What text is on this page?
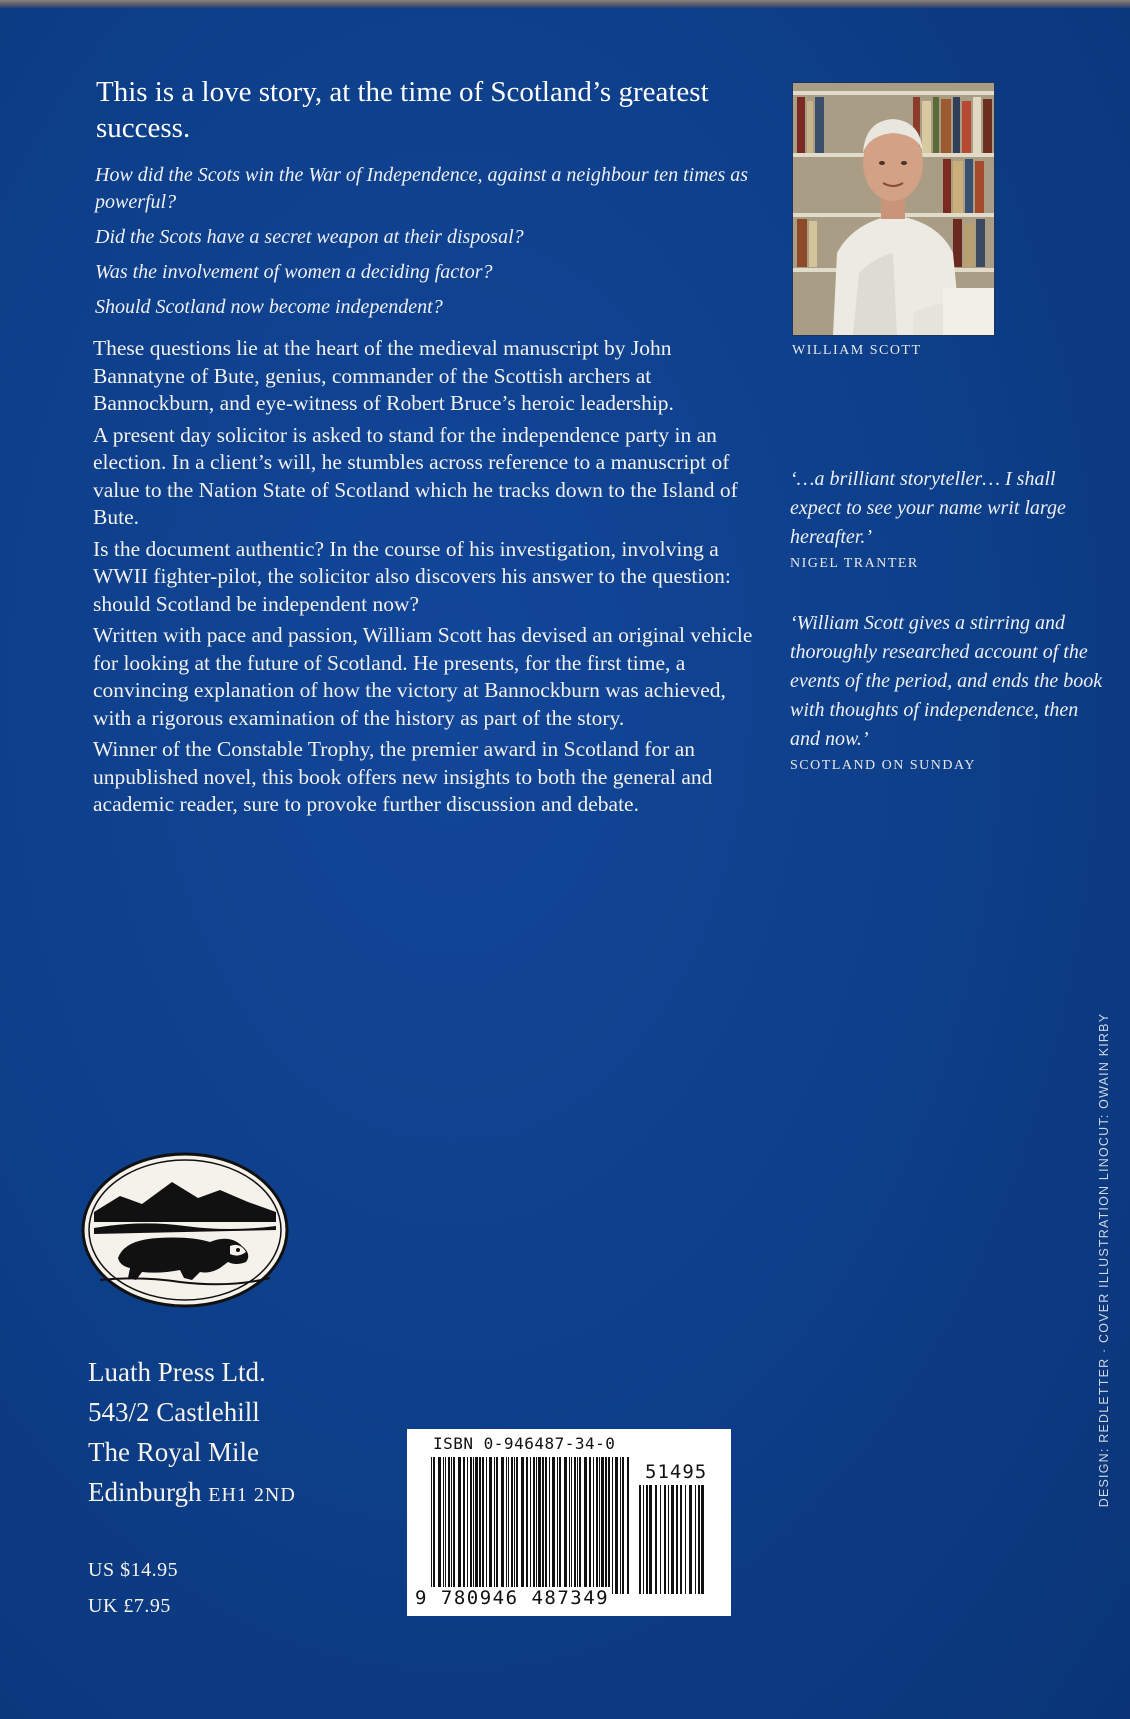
This is a love story, at the time of Scotland’s greatest success.

How did the Scots win the War of Independence, against a neighbour ten times as powerful?

Did the Scots have a secret weapon at their disposal?

Was the involvement of women a deciding factor?

Should Scotland now become independent?

These questions lie at the heart of the medieval manuscript by John Bannatyne of Bute, genius, commander of the Scottish archers at Bannockburn, and eye-witness of Robert Bruce’s heroic leadership.

A present day solicitor is asked to stand for the independence party in an election. In a client’s will, he stumbles across reference to a manuscript of value to the Nation State of Scotland which he tracks down to the Island of Bute.

Is the document authentic? In the course of his investigation, involving a WWII fighter-pilot, the solicitor also discovers his answer to the question: should Scotland be independent now?

Written with pace and passion, William Scott has devised an original vehicle for looking at the future of Scotland. He presents, for the first time, a convincing explanation of how the victory at Bannockburn was achieved, with a rigorous examination of the history as part of the story.

Winner of the Constable Trophy, the premier award in Scotland for an unpublished novel, this book offers new insights to both the general and academic reader, sure to provoke further discussion and debate.

WILLIAM SCOTT

‘…a brilliant storyteller… I shall expect to see your name writ large hereafter.’

NIGEL TRANTER

‘William Scott gives a stirring and thoroughly researched account of the events of the period, and ends the book with thoughts of independence, then and now.’

SCOTLAND ON SUNDAY
Luath Press Ltd.
543/2 Castlehill
The Royal Mile
Edinburgh EH1 2ND
US $14.95
UK £7.95
ISBN 0-946487-34-0
51495
9 780946 487349
DESIGN: REDLETTER · COVER ILLUSTRATION LINOCUT: OWAIN KIRBY
